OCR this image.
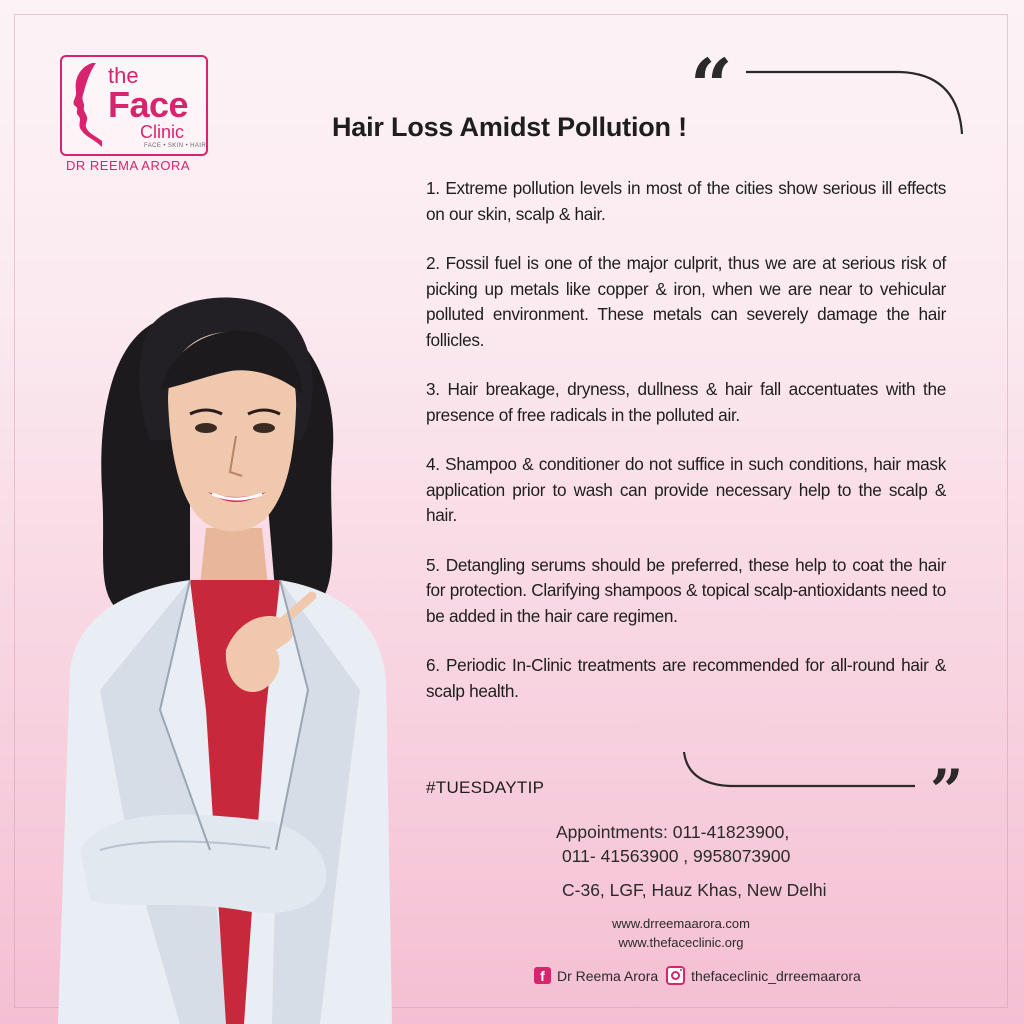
the
Face
Clinic
FACE • SKIN • HAIR
DR REEMA ARORA
“
”
Hair Loss Amidst Pollution !

1. Extreme pollution levels in most of the cities show serious ill effects on our skin, scalp & hair.

2. Fossil fuel is one of the major culprit, thus we are at serious risk of picking up metals like copper & iron, when we are near to vehicular polluted environment. These metals can severely damage the hair follicles.

3. Hair breakage, dryness, dullness & hair fall accentuates with the presence of free radicals in the polluted air.

4. Shampoo & conditioner do not suffice in such conditions, hair mask application prior to wash can provide necessary help to the scalp & hair.

5. Detangling serums should be preferred, these help to coat the hair for protection. Clarifying shampoos & topical scalp-antioxidants need to be added in the hair care regimen.

6. Periodic In-Clinic treatments are recommended for all-round hair & scalp health.

#TUESDAYTIP
Appointments: 011-41823900,
011- 41563900 , 9958073900
C-36, LGF, Hauz Khas, New Delhi
www.drreemaarora.com
www.thefaceclinic.org
f Dr Reema Arora thefaceclinic_drreemaarora
